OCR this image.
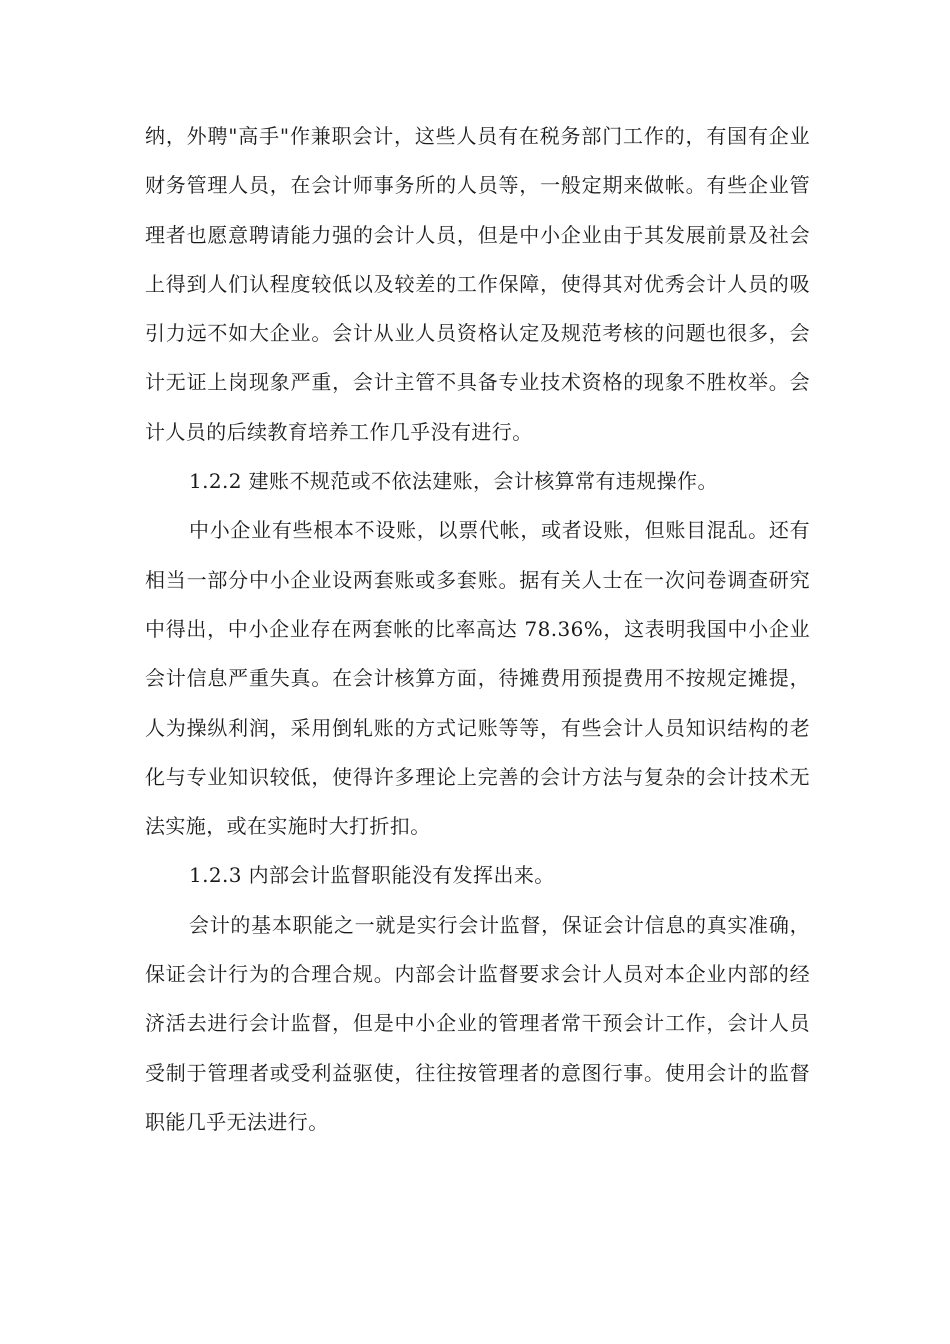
纳，外聘"高手"作兼职会计，这些人员有在税务部门工作的，有国有企业财务管理人员，在会计师事务所的人员等，一般定期来做帐。有些企业管理者也愿意聘请能力强的会计人员，但是中小企业由于其发展前景及社会上得到人们认程度较低以及较差的工作保障，使得其对优秀会计人员的吸引力远不如大企业。会计从业人员资格认定及规范考核的问题也很多，会计无证上岗现象严重，会计主管不具备专业技术资格的现象不胜枚举。会计人员的后续教育培养工作几乎没有进行。

1.2.2 建账不规范或不依法建账，会计核算常有违规操作。

中小企业有些根本不设账，以票代帐，或者设账，但账目混乱。还有相当一部分中小企业设两套账或多套账。据有关人士在一次问卷调查研究中得出，中小企业存在两套帐的比率高达 78.36%，这表明我国中小企业会计信息严重失真。在会计核算方面，待摊费用预提费用不按规定摊提，人为操纵利润，采用倒轧账的方式记账等等，有些会计人员知识结构的老化与专业知识较低，使得许多理论上完善的会计方法与复杂的会计技术无法实施，或在实施时大打折扣。

1.2.3 内部会计监督职能没有发挥出来。

会计的基本职能之一就是实行会计监督，保证会计信息的真实准确，保证会计行为的合理合规。内部会计监督要求会计人员对本企业内部的经济活去进行会计监督，但是中小企业的管理者常干预会计工作，会计人员受制于管理者或受利益驱使，往往按管理者的意图行事。使用会计的监督职能几乎无法进行。
